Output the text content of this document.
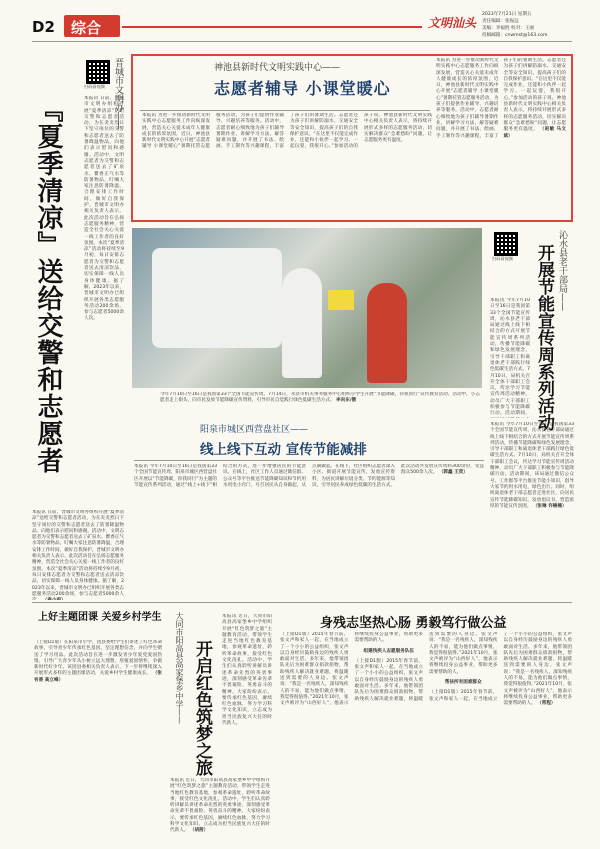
D2 综合	文明汕头
2023年7月21日 星期五
责任编辑：张振远
美编：李福胜 校对：王丽
投稿邮箱：cnwmst@163.com
晋城市文明办——
『夏季清凉』送给交警和志愿者
扫码看视频
本报讯 日前，晋城市文明办组织开展“夏季清凉”送给交警和志愿者活动，为在炎炎烈日下坚守岗位的交警和志愿者送去了防暑降温物品，向他们表示慰问和感谢。活动中，文明志愿者为交警和志愿者送去了矿泉水、藿香正气水等防暑物品，叮嘱大家注意防暑降温，合理安排工作时间，做好自我保护。晋城市文明办相关负责人表示，此次活动旨在弘扬志愿服务精神，营造全社会关心关爱一线工作者的良好氛围。本次“夏季清凉”活动将持续至9月初，每日安排志愿者为交警和志愿者送去清凉饮品，切实保障一线人员身体健康。据了解，2023年以来，晋城市文明办已组织开展各类志愿服务活动200余场，参与志愿者5000余人次。
本报讯 日前，晋城市文明办组织开展“夏季清凉”送给交警和志愿者活动，为在炎炎烈日下坚守岗位的交警和志愿者送去了防暑降温物品，向他们表示慰问和感谢。活动中，文明志愿者为交警和志愿者送去了矿泉水、藿香正气水等防暑物品，叮嘱大家注意防暑降温，合理安排工作时间，做好自我保护。晋城市文明办相关负责人表示，此次活动旨在弘扬志愿服务精神，营造全社会关心关爱一线工作者的良好氛围。本次“夏季清凉”活动将持续至9月初，每日安排志愿者为交警和志愿者送去清凉饮品，切实保障一线人员身体健康。据了解，2023年以来，晋城市文明办已组织开展各类志愿服务活动200余场，参与志愿者5000余人
神池县新时代文明实践中心——
志愿者辅导 小课堂暖心
本报讯 为进一步推动新时代文明实践中心志愿服务工作向纵深发展，营造关心关爱未成年人健康成长的浓厚氛围，近日，神池县新时代文明实践中心开展“志愿者辅导 小课堂暖心”暑期托管志愿服务活动，为孩子们提供作业辅导、兴趣培养等服务。活动中，志愿者耐心细致地为孩子们辅导暑期作业，讲解学习方法，解答疑难问题，并开展了书法、绘画、手工制作等兴趣课程，丰富了孩子们的暑期生活。志愿者还为孩子们讲解防溺水、交通安全等安全知识，提高孩子们的自我保护意识。“在这里不仅能完成作业，还能和小伙伴一起学习、一起玩耍，我很开心。”参加活动的孩子说。神池县新时代文明实践中心相关负责人表示，将持续开展形式多样的志愿服务活动，切实解决群众“急难愁盼”问题，让志愿服务更有温度。
本报讯 为进一步推动新时代文明实践中心志愿服务工作向纵深发展，营造关心关爱未成年人健康成长的浓厚氛围，近日，神池县新时代文明实践中心开展“志愿者辅导 小课堂暖心”暑期托管志愿服务活动，为孩子们提供作业辅导、兴趣培养等服务。活动中，志愿者耐心细致地为孩子们辅导暑期作业，讲解学习方法，解答疑难问题，并开展了书法、绘画、手工制作等兴趣课程，丰富了孩子们的暑期生活。志愿者还为孩子们讲解防溺水、交通安全等安全知识，提高孩子们的自我保护意识。“在这里不仅能完成作业，还能和小伙伴一起学习、一起玩耍，我很开心。”参加活动的孩子说。神池县新时代文明实践中心相关负责人表示，将持续开展形式多样的志愿服务活动，切实解决群众“急难愁盼”问题，让志愿服务更有温度。 （赵敏 马文斌）
今年7月10日至16日是我国第33个全国节能宣传周。7月14日，永济市机关事务服务中心组织小学生开展“节能降碳，你我同行”宣传教育活动。活动中，小志愿者走上街头，向市民发放节能降碳宣传资料，引导市民自觉践行绿色低碳生活方式。 李向东/摄
沁水县老干部局——
开展节能宣传周系列活动
扫码看视频
本报讯 今年7月10日至16日是我国第33个全国节能宣传周，沁水县老干部局通过线上线下相结合的方式开展节能宣传周系列活动，传播节能降碳和绿色发展理念，引导干部职工和离退休老干部践行绿色低碳生活方式。7月10日，局机关召开全体干部职工会议，传达学习节能宣传周活动精神，动员广大干部职工积极参与节能降碳行动。活动期间，
本报讯 今年7月10日至16日是我国第33个全国节能宣传周，沁水县老干部局通过线上线下相结合的方式开展节能宣传周系列活动，传播节能降碳和绿色发展理念，引导干部职工和离退休老干部践行绿色低碳生活方式。7月10日，局机关召开全体干部职工会议，传达学习节能宣传周活动精神，动员广大干部职工积极参与节能降碳行动。活动期间，该局通过微信公众号、工作群等平台推送节能小知识，倡导大家节约用水用电，绿色出行。同时，组织离退休老干部志愿者走进社区，向居民宣传节能降碳知识，发放倡议书，营造浓厚的节能宣传氛围。 （张琳 许楠楠）
阳泉市城区西营盘社区——
线上线下互动 宣传节能减排
本报讯 今年7月10日至16日是我国第33个全国节能宣传周，阳泉市城区西营盘社区开展以“节能降碳，你我同行”为主题的节能宣传系列活动，通过“线上+线下”相结合的方式，进一步增强居民的节能意识。在线上，社区工作人员通过微信群、公众号等平台推送节能降碳知识和节约用水用电小窍门，号召居民从自身做起，从点滴做起。在线下，社区组织志愿者深入小区、街道开展节能宣传，发放宣传资料，为居民讲解垃圾分类、节约能源等知识，引导居民养成绿色低碳的生活方式。此次活动共发放宣传资料300余份，受益群众500余人次。 （郭鑫 王奕）
上好主题团课 关爱乡村学生
（上接D1版）在阳泉市小学，团县委给学生们讲述了红色革命故事，引导青少年传承红色基因、坚定理想信念，并向学生赠送了学习用品。此次活动旨在进一步激发青少年爱党爱国热情，引导广大青少年从小树立远大理想，厚植爱国情怀，争做新时代好少年。该团县委相关负责人表示，下一步将继续深入开展形式多样的主题团课活动，关爱乡村学生健康成长。 （张有善 高立峰）	大同市阳高县高家堡乡中学—— 开启红色筑梦之旅
本报讯 近日，大同市阳高县高家堡乡中学组织开展“红色筑梦之旅”主题教育活动，带领学生走进当地红色教育基地，参观革命遗址，聆听革命故事，接受红色文化洗礼。活动中，学生们认真聆听讲解员讲述革命先烈的英勇事迹，深刻感受革命先辈不畏艰险、英勇奋斗的精神。大家纷纷表示，要传承红色基因，赓续红色血脉，努力学习科学文化知识，立志成为担当民族复兴大任的时代新人。
本报讯 近日，大同市阳高县高家堡乡中学组织开展“红色筑梦之旅”主题教育活动，带领学生走进当地红色教育基地，参观革命遗址，聆听革命故事，接受红色文化洗礼。活动中，学生们认真聆听讲解员讲述革命先烈的英勇事迹，深刻感受革命先辈不畏艰险、英勇奋斗的精神。大家纷纷表示，要传承红色基因，赓续红色血脉，努力学习科学文化知识，立志成为担当民族复兴大任的时代新人。 （胡茜）
身残志坚热心肠 勇毅笃行做公益
（上接D1版）2015年春节前，张文声和家人一起，在当地成立了一个小小的公益组织，张文声以自身经历鼓励身边的残疾人勇敢面对生活。多年来，他带领团队先后为困难群众捐款捐物，帮助残疾人解决就业难题，将温暖送到需要的人身边。张文声说：“我是一名残疾人，深知残疾人的不易，能为他们做点事情，我觉得很值得。”2021年10月，张文声被评为“山西好人”，他表示将继续投身公益事业，帮助更多需要帮助的人。
组建残疾人志愿服务队伍
（上接D1版）2015年春节前，张文声和家人一起，在当地成立了一个小小的公益组织，张文声以自身经历鼓励身边的残疾人勇敢面对生活。多年来，他带领团队先后为困难群众捐款捐物，帮助残疾人解决就业难题，将温暖送到需要的人身边。张文声说：“我是一名残疾人，深知残疾人的不易，能为他们做点事情，我觉得很值得。”2021年10月，张文声被评为“山西好人”，他表示将继续投身公益事业，帮助更多需要帮助的人。
帮扶所有困难群众
（上接D1版）2015年春节前，张文声和家人一起，在当地成立了一个小小的公益组织，张文声以自身经历鼓励身边的残疾人勇敢面对生活。多年来，他带领团队先后为困难群众捐款捐物，帮助残疾人解决就业难题，将温暖送到需要的人身边。张文声说：“我是一名残疾人，深知残疾人的不易，能为他们做点事情，我觉得很值得。”2021年10月，张文声被评为“山西好人”，他表示将继续投身公益事业，帮助更多需要帮助的人。 （常程）
